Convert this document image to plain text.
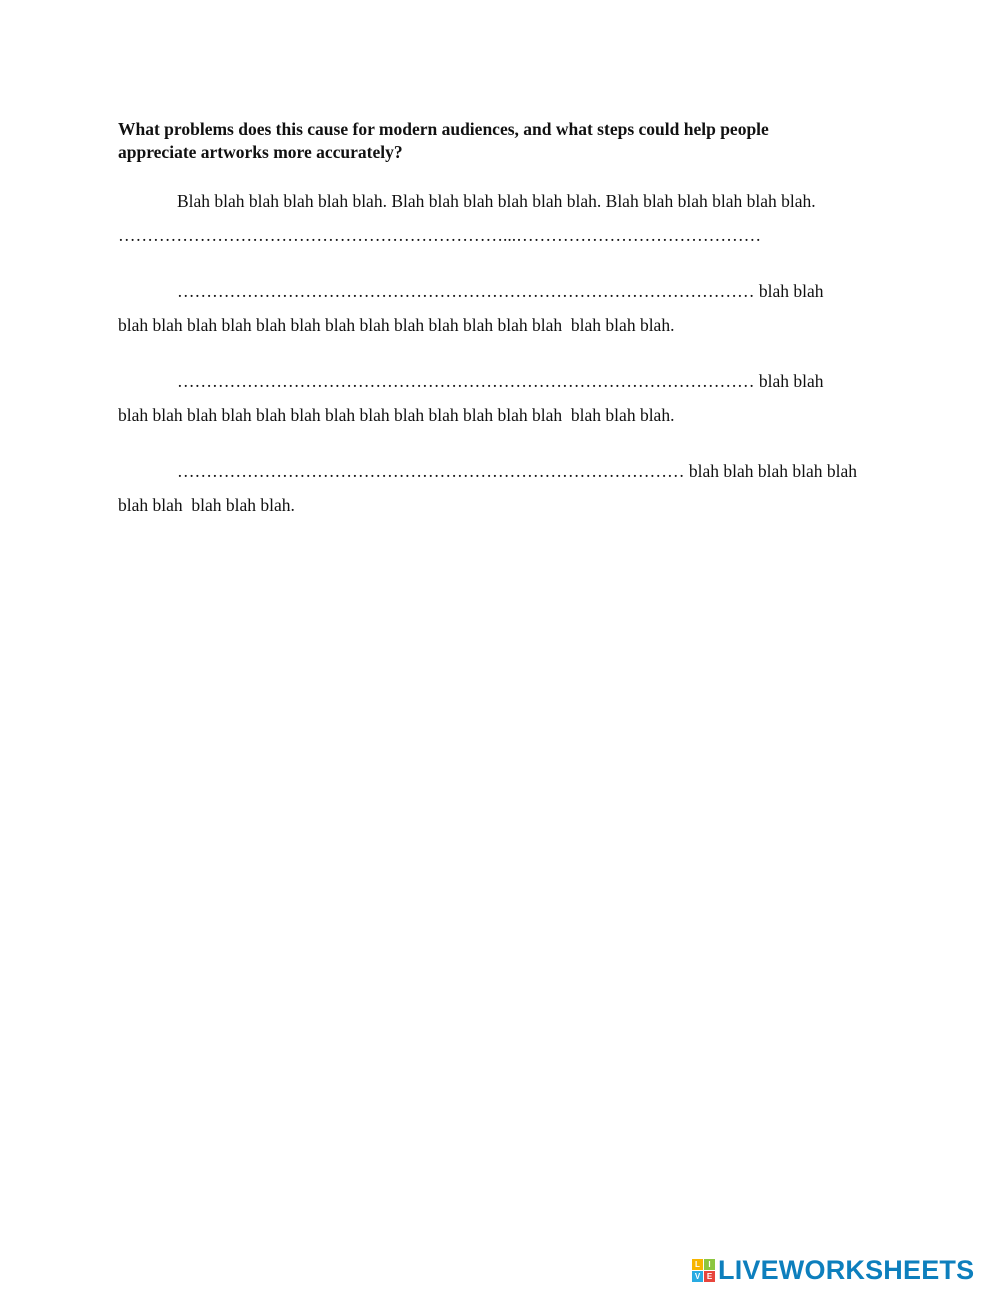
What problems does this cause for modern audiences, and what steps could help people
appreciate artworks more accurately?

Blah blah blah blah blah blah. Blah blah blah blah blah blah. Blah blah blah blah blah blah.
…………………………………………………………...……………………………………

……………………………………………………………………………………… blah blah
blah blah blah blah blah blah blah blah blah blah blah blah blah  blah blah blah.

……………………………………………………………………………………… blah blah
blah blah blah blah blah blah blah blah blah blah blah blah blah  blah blah blah.

…………………………………………………………………………… blah blah blah blah blah
blah blah  blah blah blah.

L	I
V E LIVEWORKSHEETS
